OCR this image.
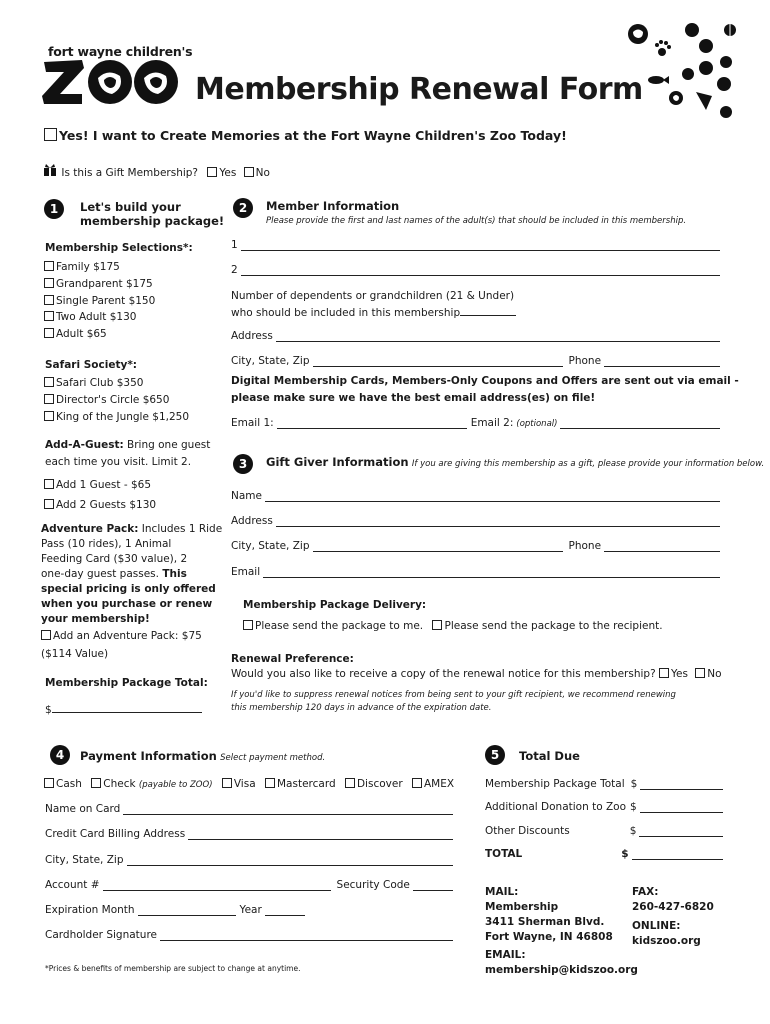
fort wayne children's
Membership Renewal Form
Yes! I want to Create Memories at the Fort Wayne Children's Zoo Today!
Is this a Gift Membership? Yes No
1	Let's build your
membership package!
Membership Selections*:
Family $175
Grandparent $175
Single Parent $150
Two Adult $130
Adult $65
Safari Society*:
Safari Club $350
Director's Circle $650
King of the Jungle $1,250
Add-A-Guest: Bring one guest
each time you visit. Limit 2.
Add 1 Guest - $65
Add 2 Guests $130
Adventure Pack: Includes 1 Ride
Pass (10 rides), 1 Animal
Feeding Card ($30 value), 2
one-day guest passes. This
special pricing is only offered
when you purchase or renew
your membership!
Add an Adventure Pack: $75
($114 Value)
Membership Package Total:
$
2	Member Information
Please provide the first and last names of the adult(s) that should be included in this membership.
1
2
Number of dependents or grandchildren (21 & Under)
who should be included in this membership
Address
City, State, Zip	Phone
Digital Membership Cards, Members-Only Coupons and Offers are sent out via email -
please make sure we have the best email address(es) on file!
Email 1:	Email 2: (optional)
3	Gift Giver Information If you are giving this membership as a gift, please provide your information below.
Name
Address
City, State, Zip	Phone
Email
Membership Package Delivery:
Please send the package to me. Please send the package to the recipient.
Renewal Preference:
Would you also like to receive a copy of the renewal notice for this membership? Yes No
If you'd like to suppress renewal notices from being sent to your gift recipient, we recommend renewing
this membership 120 days in advance of the expiration date.
4	Payment Information Select payment method.
Cash Check (payable to ZOO) Visa Mastercard Discover AMEX
Name on Card
Credit Card Billing Address
City, State, Zip
Account #	Security Code
Expiration Month	Year
Cardholder Signature
*Prices & benefits of membership are subject to change at anytime.
5	Total Due
Membership Package Total $
Additional Donation to Zoo $
Other Discounts	$
TOTAL	$
MAIL:
Membership
3411 Sherman Blvd.
Fort Wayne, IN 46808
EMAIL:
membership@kidszoo.org
FAX:
260-427-6820
ONLINE:
kidszoo.org
